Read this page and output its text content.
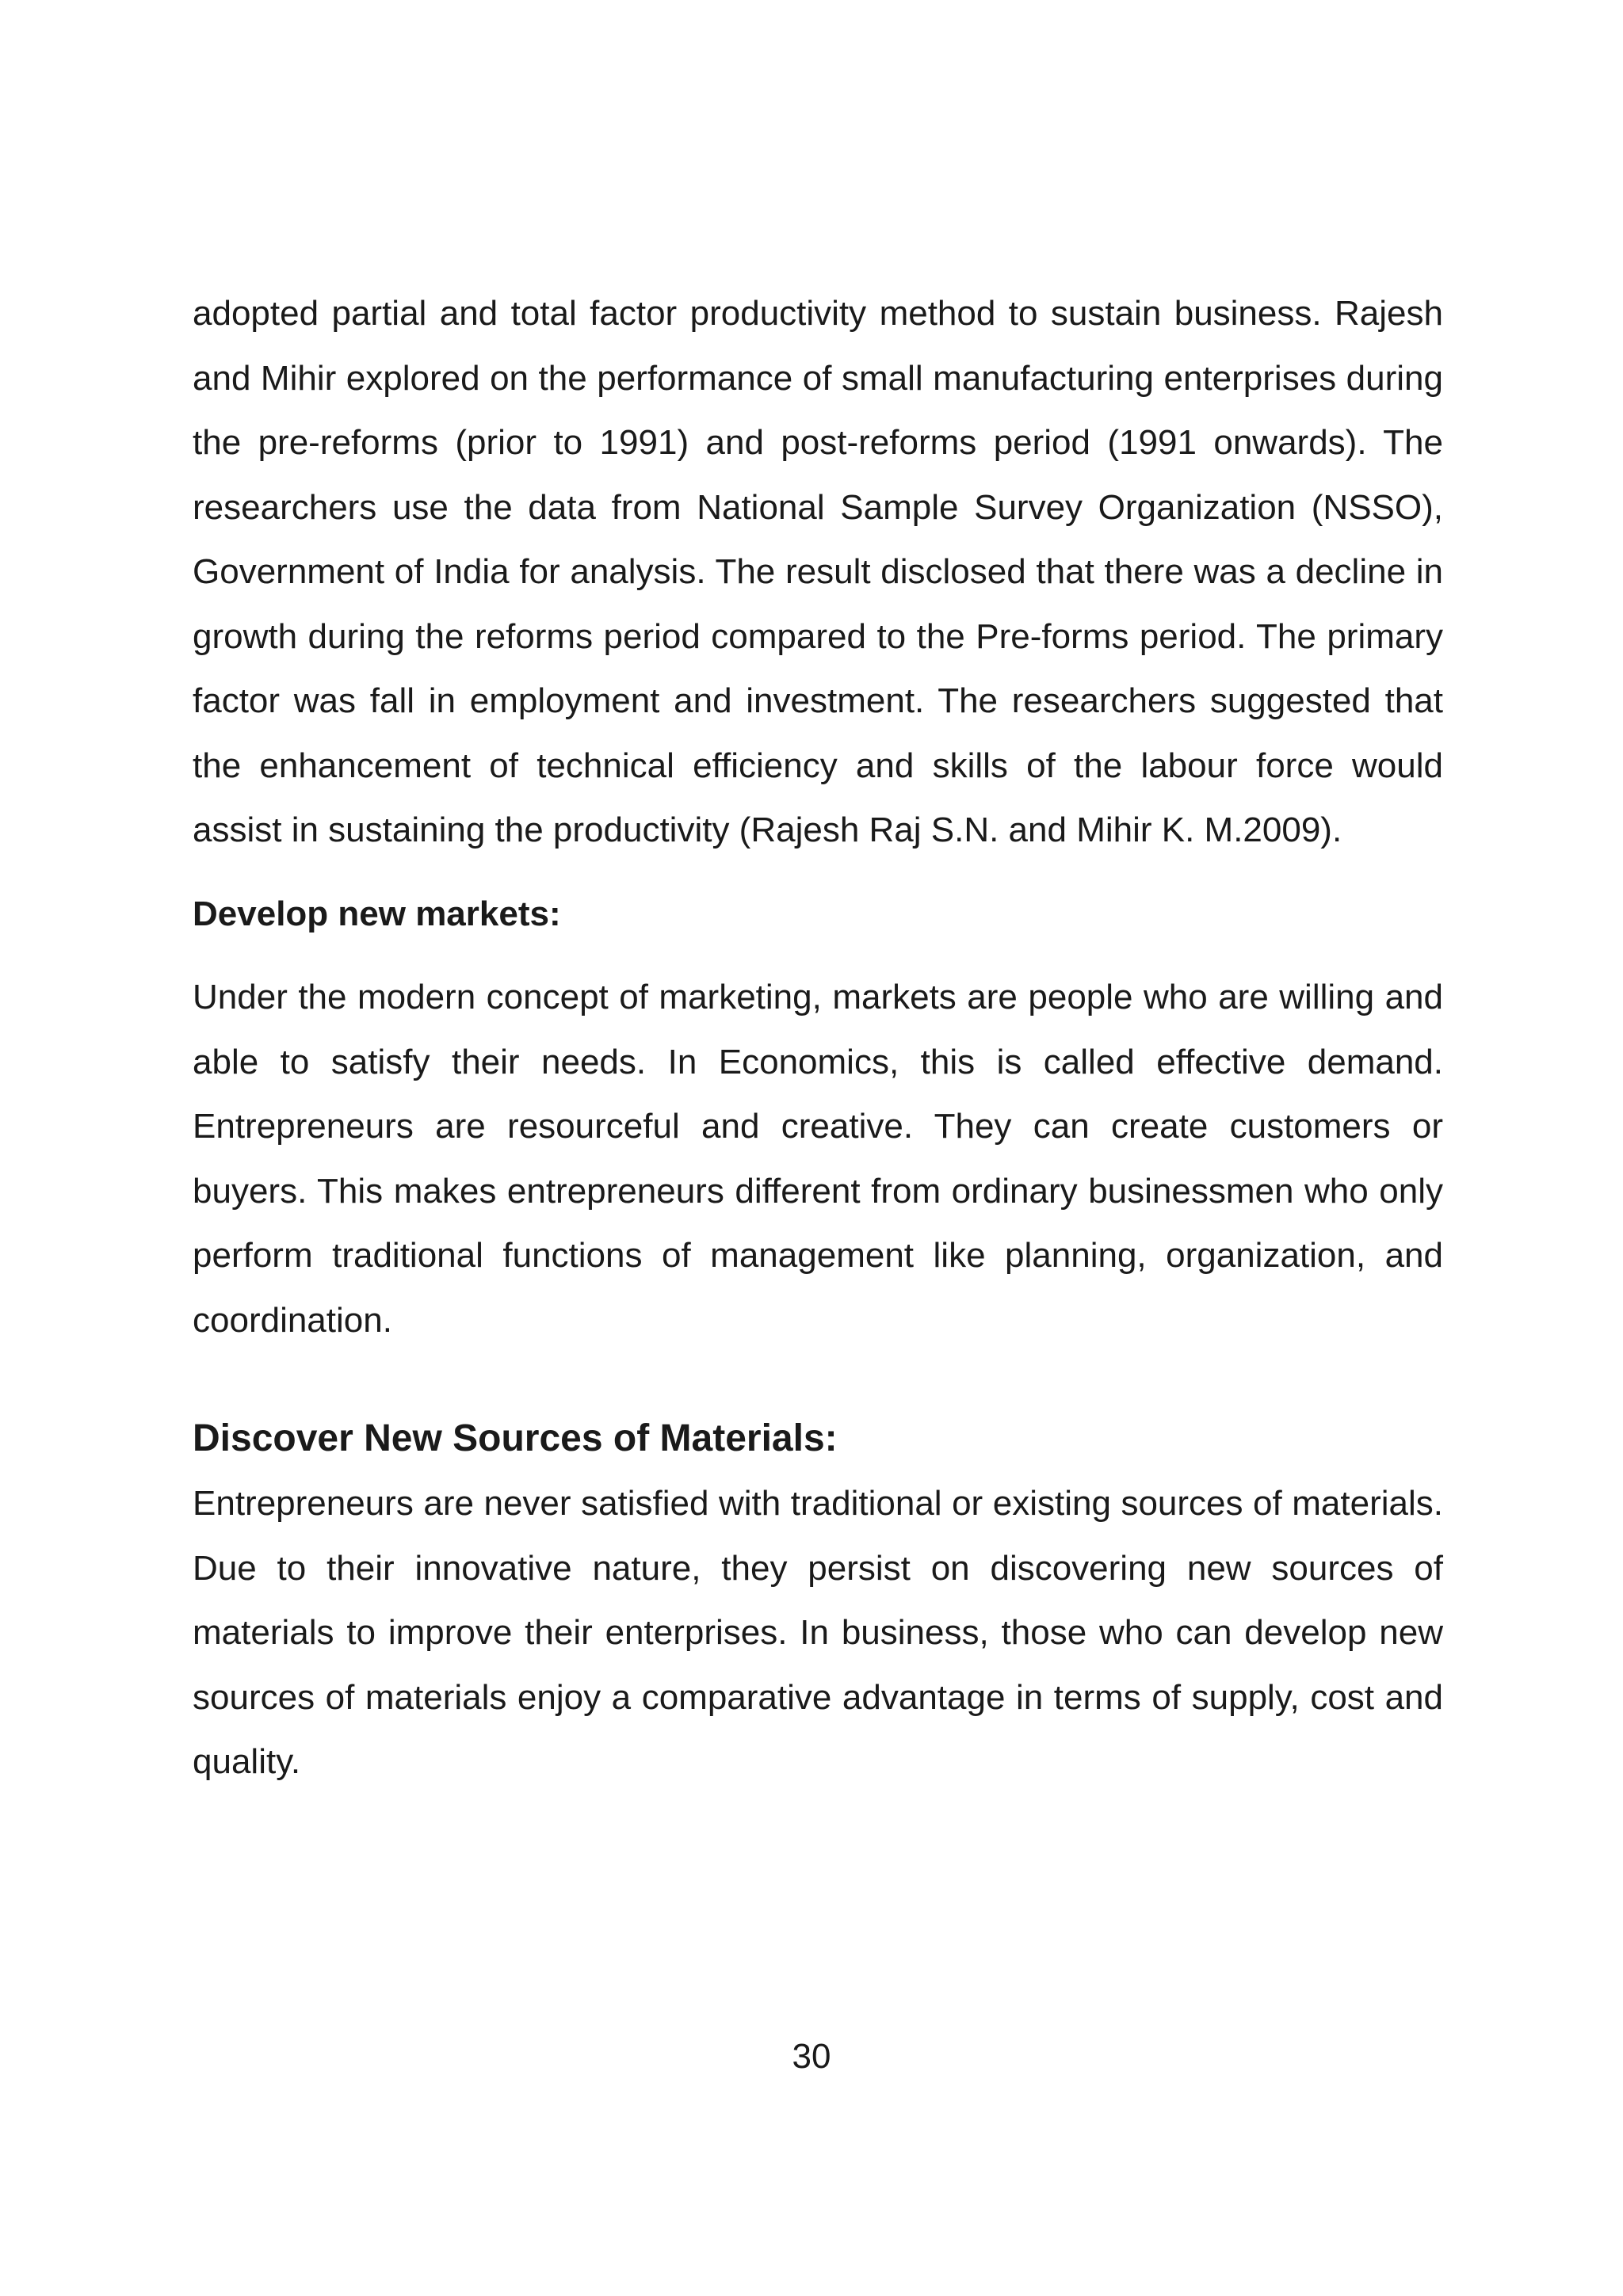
adopted partial and total factor productivity method to sustain business. Rajesh and Mihir explored on the performance of small manufacturing enterprises during the pre-reforms (prior to 1991) and post-reforms period (1991 onwards). The researchers use the data from National Sample Survey Organization (NSSO), Government of India for analysis. The result disclosed that there was a decline in growth during the reforms period compared to the Pre-forms period. The primary factor was fall in employment and investment. The researchers suggested that the enhancement of technical efficiency and skills of the labour force would assist in sustaining the productivity (Rajesh Raj S.N. and Mihir K. M.2009).

Develop new markets:

Under the modern concept of marketing, markets are people who are willing and able to satisfy their needs. In Economics, this is called effective demand. Entrepreneurs are resourceful and creative. They can create customers or buyers. This makes entrepreneurs different from ordinary businessmen who only perform traditional functions of management like planning, organization, and coordination.

Discover New Sources of Materials:

Entrepreneurs are never satisfied with traditional or existing sources of materials. Due to their innovative nature, they persist on discovering new sources of materials to improve their enterprises. In business, those who can develop new sources of materials enjoy a comparative advantage in terms of supply, cost and quality.

30
